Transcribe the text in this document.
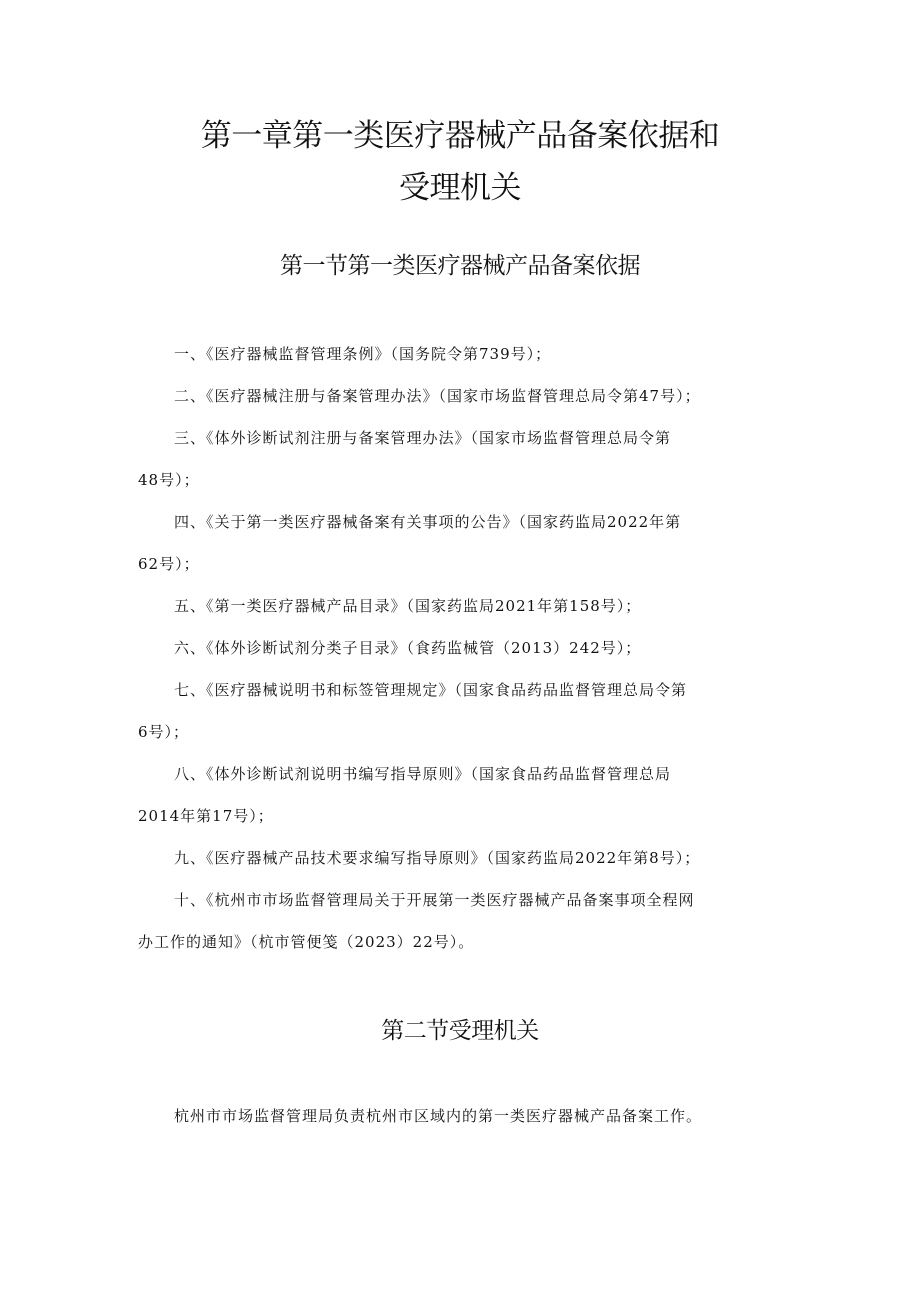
第一章第一类医疗器械产品备案依据和
受理机关
第一节第一类医疗器械产品备案依据
一、《医疗器械监督管理条例》（国务院令第739号）；
二、《医疗器械注册与备案管理办法》（国家市场监督管理总局令第47号）；
三、《体外诊断试剂注册与备案管理办法》（国家市场监督管理总局令第
48号）；
四、《关于第一类医疗器械备案有关事项的公告》（国家药监局2022年第
62号）；
五、《第一类医疗器械产品目录》（国家药监局2021年第158号）；
六、《体外诊断试剂分类子目录》（食药监械管（2013）242号）；
七、《医疗器械说明书和标签管理规定》（国家食品药品监督管理总局令第
6号）；
八、《体外诊断试剂说明书编写指导原则》（国家食品药品监督管理总局
2014年第17号）；
九、《医疗器械产品技术要求编写指导原则》（国家药监局2022年第8号）；
十、《杭州市市场监督管理局关于开展第一类医疗器械产品备案事项全程网
办工作的通知》（杭市管便笺（2023）22号）。
第二节受理机关
杭州市市场监督管理局负责杭州市区域内的第一类医疗器械产品备案工作。
